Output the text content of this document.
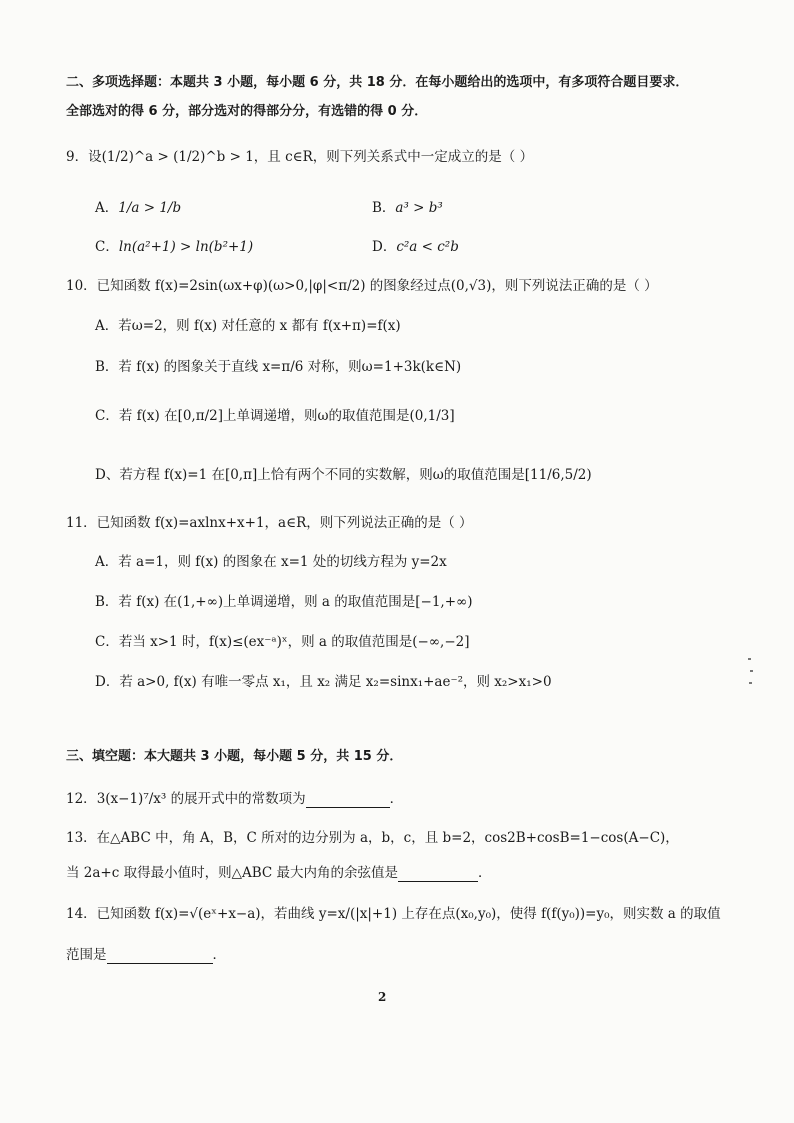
二、多项选择题：本题共 3 小题，每小题 6 分，共 18 分．在每小题给出的选项中，有多项符合题目要求．
全部选对的得 6 分，部分选对的得部分分，有选错的得 0 分．
9．设(1/2)^a > (1/2)^b > 1，且 c∈R，则下列关系式中一定成立的是（ ）
A．1/a > 1/b	B．a³ > b³
C．ln(a²+1) > ln(b²+1)	D．c²a < c²b
10．已知函数 f(x)=2sin(ωx+φ)(ω>0,|φ|<π/2) 的图象经过点(0,√3)，则下列说法正确的是（ ）
A．若ω=2，则 f(x) 对任意的 x 都有 f(x+π)=f(x)
B．若 f(x) 的图象关于直线 x=π/6 对称，则ω=1+3k(k∈N)
C．若 f(x) 在[0,π/2]上单调递增，则ω的取值范围是(0,1/3]
D、若方程 f(x)=1 在[0,π]上恰有两个不同的实数解，则ω的取值范围是[11/6,5/2)
11．已知函数 f(x)=axlnx+x+1，a∈R，则下列说法正确的是（ ）
A．若 a=1，则 f(x) 的图象在 x=1 处的切线方程为 y=2x
B．若 f(x) 在(1,+∞)上单调递增，则 a 的取值范围是[−1,+∞)
C．若当 x>1 时，f(x)≤(ex⁻ᵃ)ˣ，则 a 的取值范围是(−∞,−2]
D．若 a>0, f(x) 有唯一零点 x₁，且 x₂ 满足 x₂=sinx₁+ae⁻²，则 x₂>x₁>0
三、填空题：本大题共 3 小题，每小题 5 分，共 15 分．
12．3(x−1)⁷/x³ 的展开式中的常数项为	．
13．在△ABC 中，角 A，B，C 所对的边分别为 a，b，c，且 b=2，cos2B+cosB=1−cos(A−C)，
当 2a+c 取得最小值时，则△ABC 最大内角的余弦值是	．
14．已知函数 f(x)=√(eˣ+x−a)，若曲线 y=x/(|x|+1) 上存在点(x₀,y₀)，使得 f(f(y₀))=y₀，则实数 a 的取值
范围是	．
2
